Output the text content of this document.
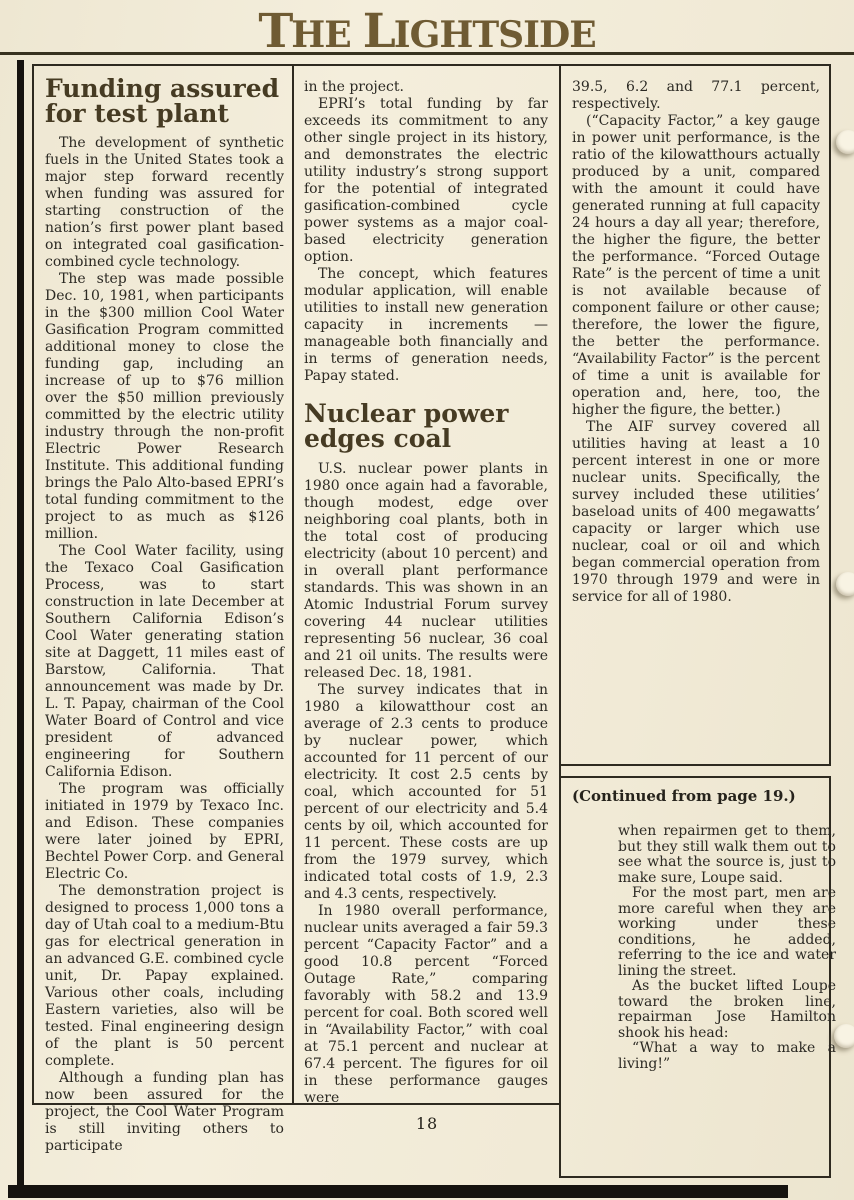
THE LIGHTSIDE
Funding assured
for test plant

The development of synthetic fuels in the United States took a major step forward recently when funding was assured for starting construction of the nation’s first power plant based on integrated coal gasification-combined cycle technology.

The step was made possible Dec. 10, 1981, when participants in the $300 million Cool Water Gasification Program committed additional money to close the funding gap, including an increase of up to $76 million over the $50 million previously committed by the electric utility industry through the non-profit Electric Power Research Institute. This additional funding brings the Palo Alto-based EPRI’s total funding commitment to the project to as much as $126 million.

The Cool Water facility, using the Texaco Coal Gasification Process, was to start construction in late December at Southern California Edison’s Cool Water generating station site at Daggett, 11 miles east of Barstow, California. That announcement was made by Dr. L. T. Papay, chairman of the Cool Water Board of Control and vice president of advanced engineering for Southern California Edison.

The program was officially initiated in 1979 by Texaco Inc. and Edison. These companies were later joined by EPRI, Bechtel Power Corp. and General Electric Co.

The demonstration project is designed to process 1,000 tons a day of Utah coal to a medium-Btu gas for electrical generation in an advanced G.E. combined cycle unit, Dr. Papay explained. Various other coals, including Eastern varieties, also will be tested. Final engineering design of the plant is 50 percent complete.

Although a funding plan has now been assured for the project, the Cool Water Program is still inviting others to participate

in the project.

EPRI’s total funding by far exceeds its commitment to any other single project in its history, and demonstrates the electric utility industry’s strong support for the potential of integrated gasification-combined cycle power systems as a major coal-based electricity generation option.

The concept, which features modular application, will enable utilities to install new generation capacity in increments — manageable both financially and in terms of generation needs, Papay stated.

Nuclear power
edges coal

U.S. nuclear power plants in 1980 once again had a favorable, though modest, edge over neighboring coal plants, both in the total cost of producing electricity (about 10 percent) and in overall plant performance standards. This was shown in an Atomic Industrial Forum survey covering 44 nuclear utilities representing 56 nuclear, 36 coal and 21 oil units. The results were released Dec. 18, 1981.

The survey indicates that in 1980 a kilowatthour cost an average of 2.3 cents to produce by nuclear power, which accounted for 11 percent of our electricity. It cost 2.5 cents by coal, which accounted for 51 percent of our electricity and 5.4 cents by oil, which accounted for 11 percent. These costs are up from the 1979 survey, which indicated total costs of 1.9, 2.3 and 4.3 cents, respectively.

In 1980 overall performance, nuclear units averaged a fair 59.3 percent “Capacity Factor” and a good 10.8 percent “Forced Outage Rate,” comparing favorably with 58.2 and 13.9 percent for coal. Both scored well in “Availability Factor,” with coal at 75.1 percent and nuclear at 67.4 percent. The figures for oil in these performance gauges were

39.5, 6.2 and 77.1 percent, respectively.

(“Capacity Factor,” a key gauge in power unit performance, is the ratio of the kilowatthours actually produced by a unit, compared with the amount it could have generated running at full capacity 24 hours a day all year; therefore, the higher the figure, the better the performance. “Forced Outage Rate” is the percent of time a unit is not available because of component failure or other cause; therefore, the lower the figure, the better the performance. “Availability Factor” is the percent of time a unit is available for operation and, here, too, the higher the figure, the better.)

The AIF survey covered all utilities having at least a 10 percent interest in one or more nuclear units. Specifically, the survey included these utilities’ baseload units of 400 megawatts’ capacity or larger which use nuclear, coal or oil and which began commercial operation from 1970 through 1979 and were in service for all of 1980.

(Continued from page 19.)

when repairmen get to them, but they still walk them out to see what the source is, just to make sure, Loupe said.

For the most part, men are more careful when they are working under these conditions, he added, referring to the ice and water lining the street.

As the bucket lifted Loupe toward the broken line, repairman Jose Hamilton shook his head:

“What a way to make a living!”

18
